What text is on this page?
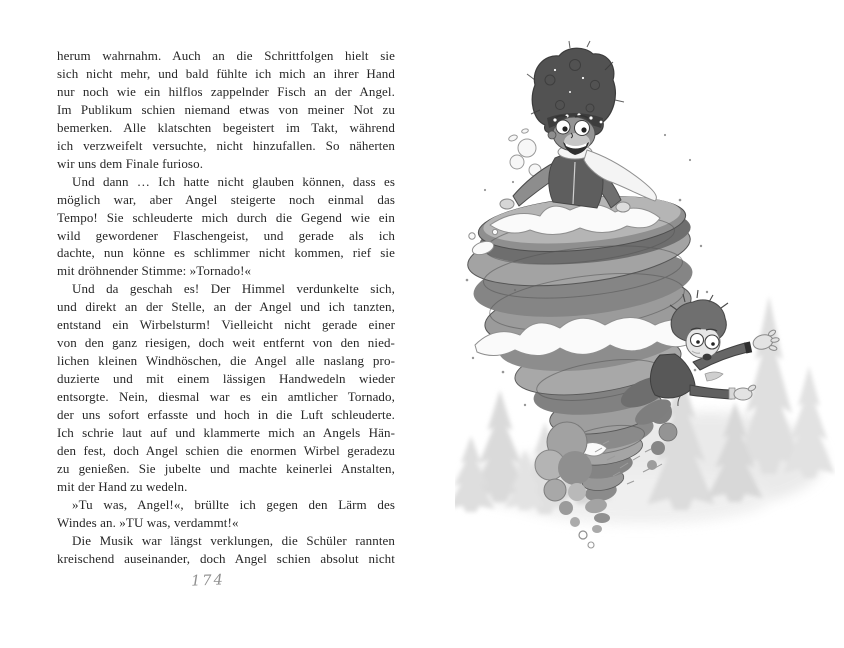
herum wahrnahm. Auch an die Schrittfolgen hielt sie
sich nicht mehr, und bald fühlte ich mich an ihrer Hand
nur noch wie ein hilflos zappelnder Fisch an der Angel.
Im Publikum schien niemand etwas von meiner Not zu
bemerken. Alle klatschten begeistert im Takt, während
ich verzweifelt versuchte, nicht hinzufallen. So näherten
wir uns dem Finale furioso.
Und dann … Ich hatte nicht glauben können, dass es
möglich war, aber Angel steigerte noch einmal das
Tempo! Sie schleuderte mich durch die Gegend wie ein
wild gewordener Flaschengeist, und gerade als ich
dachte, nun könne es schlimmer nicht kommen, rief sie
mit dröhnender Stimme: »Tornado!«
Und da geschah es! Der Himmel verdunkelte sich,
und direkt an der Stelle, an der Angel und ich tanzten,
entstand ein Wirbelsturm! Vielleicht nicht gerade einer
von den ganz riesigen, doch weit entfernt von den nied-
lichen kleinen Windhöschen, die Angel alle naslang pro-
duzierte und mit einem lässigen Handwedeln wieder
entsorgte. Nein, diesmal war es ein amtlicher Tornado,
der uns sofort erfasste und hoch in die Luft schleuderte.
Ich schrie laut auf und klammerte mich an Angels Hän-
den fest, doch Angel schien die enormen Wirbel geradezu
zu genießen. Sie jubelte und machte keinerlei Anstalten,
mit der Hand zu wedeln.
»Tu was, Angel!«, brüllte ich gegen den Lärm des
Windes an. »TU was, verdammt!«
Die Musik war längst verklungen, die Schüler rannten
kreischend auseinander, doch Angel schien absolut nicht
174
